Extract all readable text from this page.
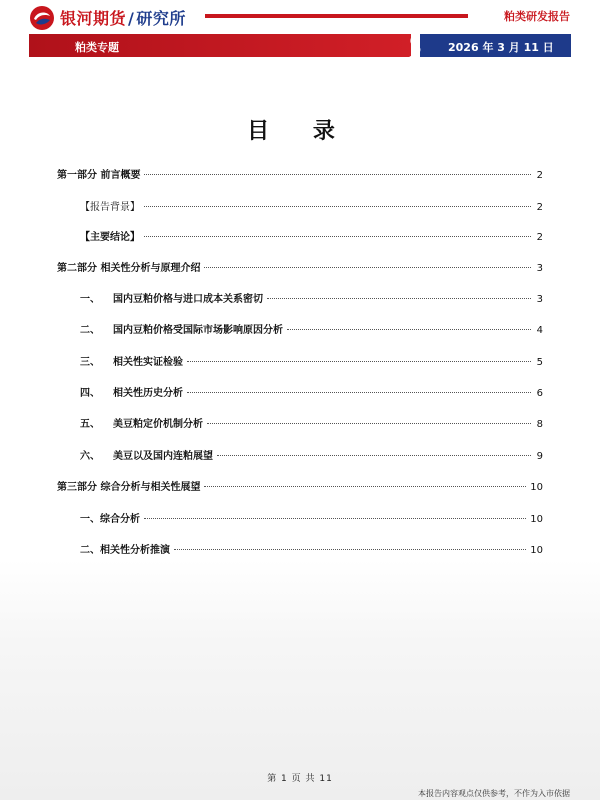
银河期货 / 研究所	粕类研发报告
粕类专题	2026 年 3 月 11 日
目 录
第一部分 前言概要	2
【报告背景】	2
【主要结论】	2
第二部分 相关性分析与原理介绍	3
一、	国内豆粕价格与进口成本关系密切	3
二、	国内豆粕价格受国际市场影响原因分析	4
三、	相关性实证检验	5
四、	相关性历史分析	6
五、	美豆粕定价机制分析	8
六、	美豆以及国内连粕展望	9
第三部分 综合分析与相关性展望	10
一、综合分析	10
二、相关性分析推演	10
第 1 页 共 11
本报告内容观点仅供参考，不作为入市依据
